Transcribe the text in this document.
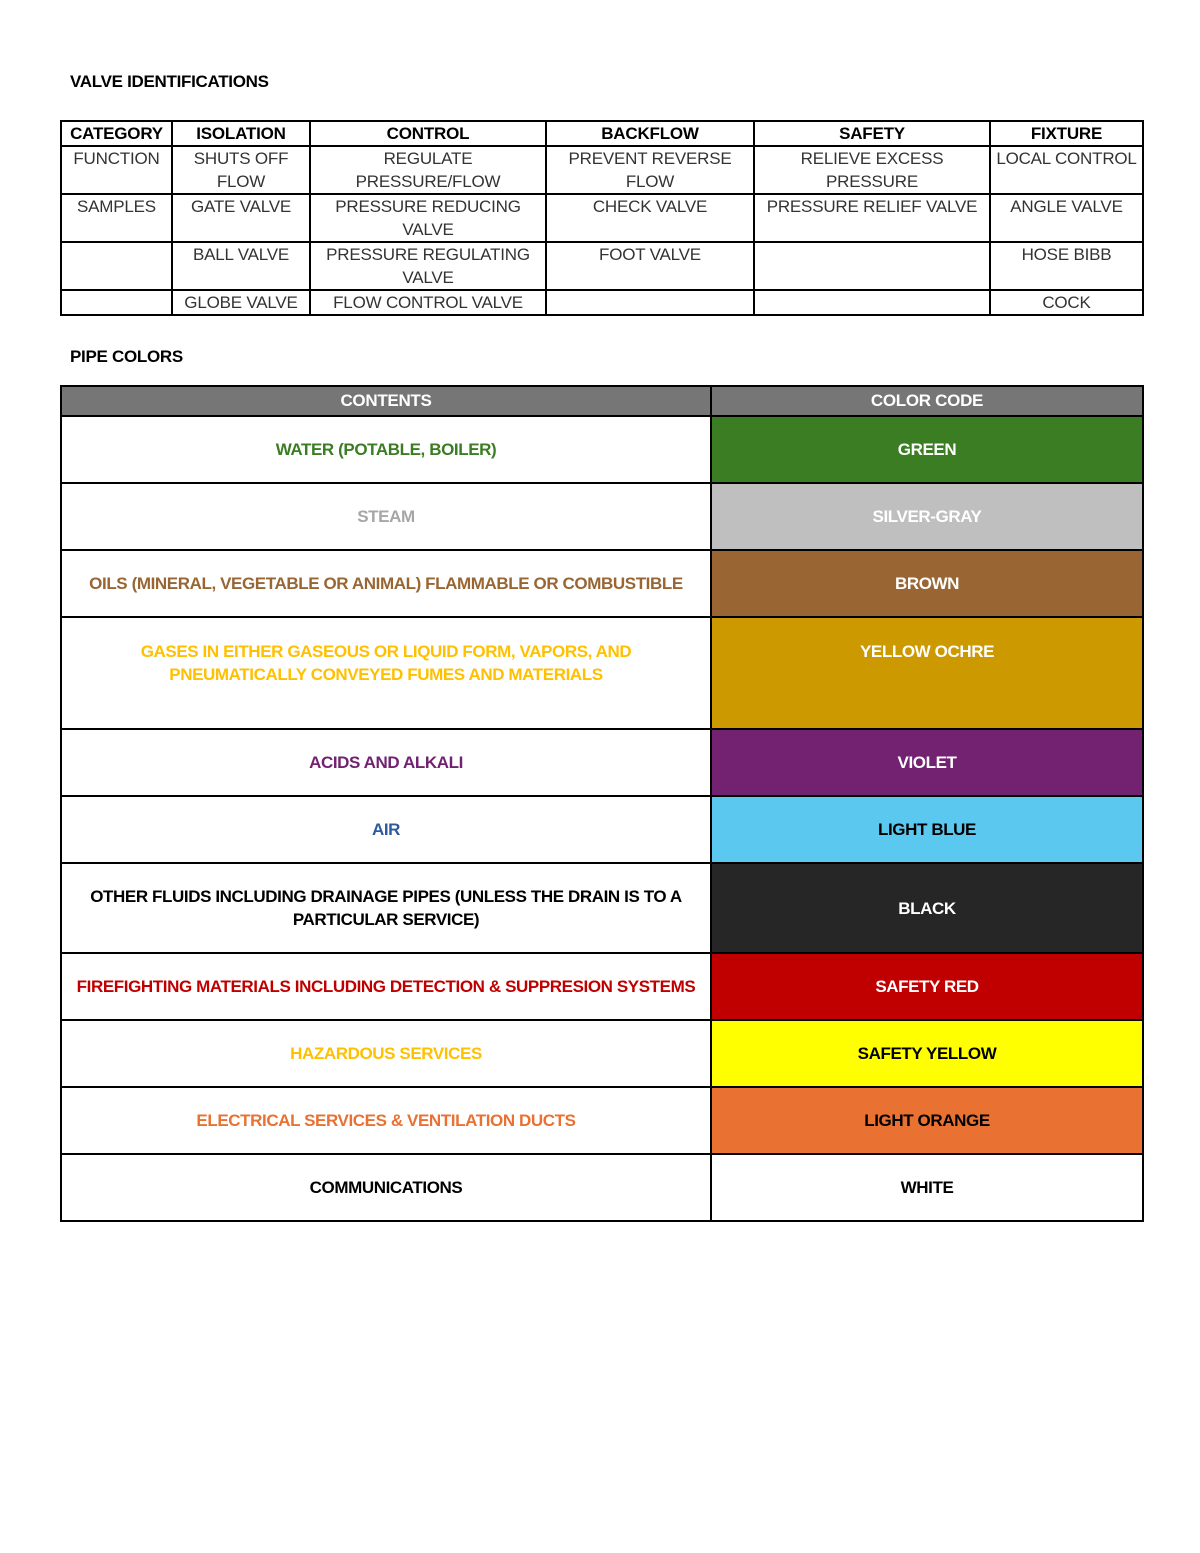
VALVE IDENTIFICATIONS
CATEGORY	ISOLATION	CONTROL	BACKFLOW	SAFETY	FIXTURE
FUNCTION	SHUTS OFF FLOW	REGULATE PRESSURE/FLOW	PREVENT REVERSE FLOW	RELIEVE EXCESS PRESSURE	LOCAL CONTROL
SAMPLES	GATE VALVE	PRESSURE REDUCING VALVE	CHECK VALVE	PRESSURE RELIEF VALVE	ANGLE VALVE
	BALL VALVE	PRESSURE REGULATING VALVE	FOOT VALVE		HOSE BIBB
	GLOBE VALVE	FLOW CONTROL VALVE			COCK
PIPE COLORS
CONTENTS	COLOR CODE
WATER (POTABLE, BOILER)	GREEN
STEAM	SILVER-GRAY
OILS (MINERAL, VEGETABLE OR ANIMAL) FLAMMABLE OR COMBUSTIBLE	BROWN
GASES IN EITHER GASEOUS OR LIQUID FORM, VAPORS, AND PNEUMATICALLY CONVEYED FUMES AND MATERIALS	YELLOW OCHRE
ACIDS AND ALKALI	VIOLET
AIR	LIGHT BLUE
OTHER FLUIDS INCLUDING DRAINAGE PIPES (UNLESS THE DRAIN IS TO A PARTICULAR SERVICE)	BLACK
FIREFIGHTING MATERIALS INCLUDING DETECTION & SUPPRESION SYSTEMS	SAFETY RED
HAZARDOUS SERVICES	SAFETY YELLOW
ELECTRICAL SERVICES & VENTILATION DUCTS	LIGHT ORANGE
COMMUNICATIONS	WHITE
